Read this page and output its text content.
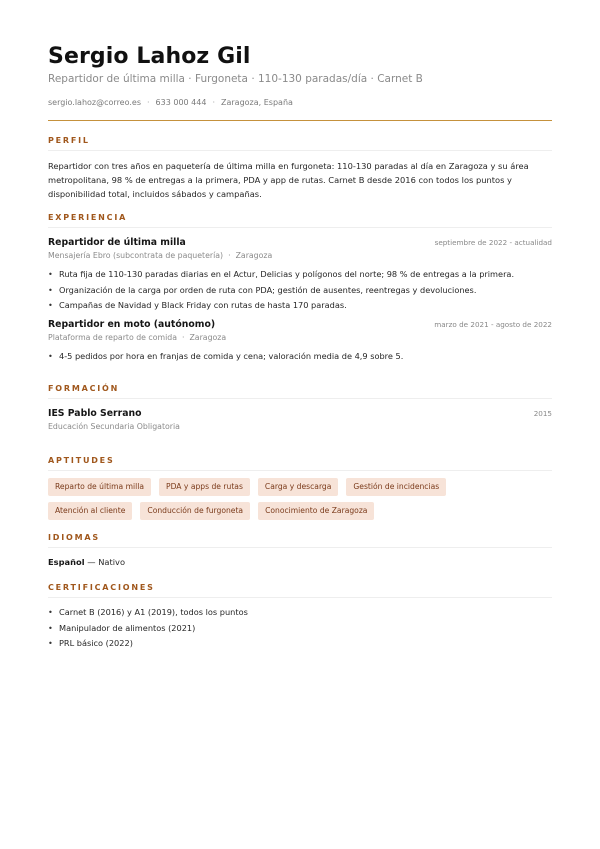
Sergio Lahoz Gil
Repartidor de última milla · Furgoneta · 110-130 paradas/día · Carnet B
sergio.lahoz@correo.es · 633 000 444 · Zaragoza, España
PERFIL
Repartidor con tres años en paquetería de última milla en furgoneta: 110-130 paradas al día en Zaragoza y su área metropolitana, 98 % de entregas a la primera, PDA y app de rutas. Carnet B desde 2016 con todos los puntos y disponibilidad total, incluidos sábados y campañas.
EXPERIENCIA
Repartidor de última milla	septiembre de 2022 - actualidad
Mensajería Ebro (subcontrata de paquetería) · Zaragoza
• Ruta fija de 110-130 paradas diarias en el Actur, Delicias y polígonos del norte; 98 % de entregas a la primera.
• Organización de la carga por orden de ruta con PDA; gestión de ausentes, reentregas y devoluciones.
• Campañas de Navidad y Black Friday con rutas de hasta 170 paradas.
Repartidor en moto (autónomo)	marzo de 2021 - agosto de 2022
Plataforma de reparto de comida · Zaragoza
• 4-5 pedidos por hora en franjas de comida y cena; valoración media de 4,9 sobre 5.
FORMACIÓN
IES Pablo Serrano	2015
Educación Secundaria Obligatoria
APTITUDES
Reparto de última milla	PDA y apps de rutas	Carga y descarga	Gestión de incidencias
Atención al cliente	Conducción de furgoneta	Conocimiento de Zaragoza
IDIOMAS
Español — Nativo
CERTIFICACIONES
• Carnet B (2016) y A1 (2019), todos los puntos
• Manipulador de alimentos (2021)
• PRL básico (2022)
